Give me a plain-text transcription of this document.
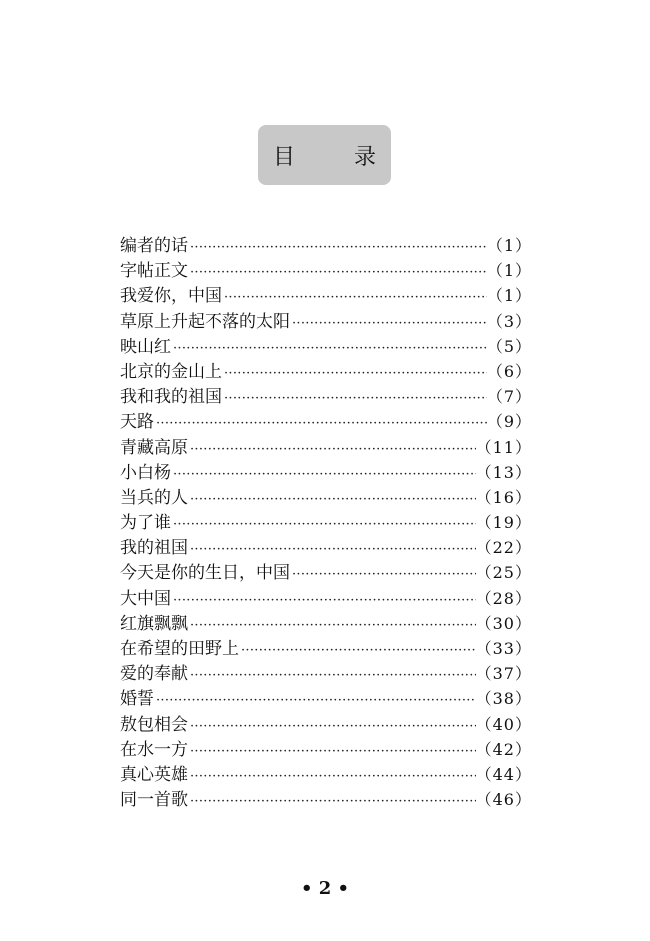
目 录
编者的话 ·····	（1）
字帖正文 ·····	（1）
我爱你，中国 ·····	（1）
草原上升起不落的太阳 ·····	（3）
映山红 ·····	（5）
北京的金山上 ·····	（6）
我和我的祖国 ·····	（7）
天路 ·····	（9）
青藏高原 ·····	（11）
小白杨 ·····	（13）
当兵的人 ·····	（16）
为了谁 ·····	（19）
我的祖国 ·····	（22）
今天是你的生日，中国 ·····	（25）
大中国 ·····	（28）
红旗飘飘 ·····	（30）
在希望的田野上 ·····	（33）
爱的奉献 ·····	（37）
婚誓 ·····	（38）
敖包相会 ·····	（40）
在水一方 ·····	（42）
真心英雄 ·····	（44）
同一首歌 ·····	（46）
• 2 •
